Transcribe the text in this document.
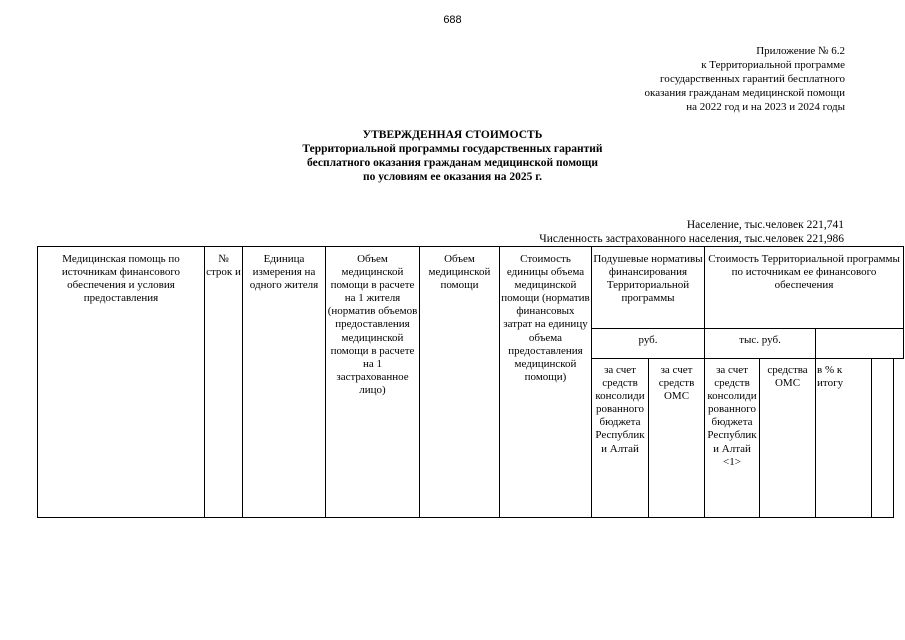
688
Приложение № 6.2
к Территориальной программе
государственных гарантий бесплатного
оказания гражданам медицинской помощи
на 2022 год и на 2023 и 2024 годы
УТВЕРЖДЕННАЯ СТОИМОСТЬ
Территориальной программы государственных гарантий
бесплатного оказания гражданам медицинской помощи
по условиям ее оказания на 2025 г.
Население, тыс.человек 221,741
Численность застрахованного населения, тыс.человек 221,986
Медицинская помощь по источникам финансового обеспечения и условия предоставления	№ строк и	Единица измерения на одного жителя	Объем медицинской помощи в расчете на 1 жителя (норматив объемов предоставления медицинской помощи в расчете на 1 застрахованное лицо)	Объем медицинской помощи	Стоимость единицы объема медицинской помощи (норматив финансовых затрат на единицу объема предоставления медицинской помощи)	Подушевые нормативы финансирования Территориальной программы		Стоимость Территориальной программы по источникам ее финансового обеспечения			
						руб.		тыс. руб.			
						за счет средств консолидированного бюджета Республики Алтай	за счет средств ОМС	за счет средств консолидированного бюджета Республики Алтай <1>	средства ОМС	в % к итогу	
